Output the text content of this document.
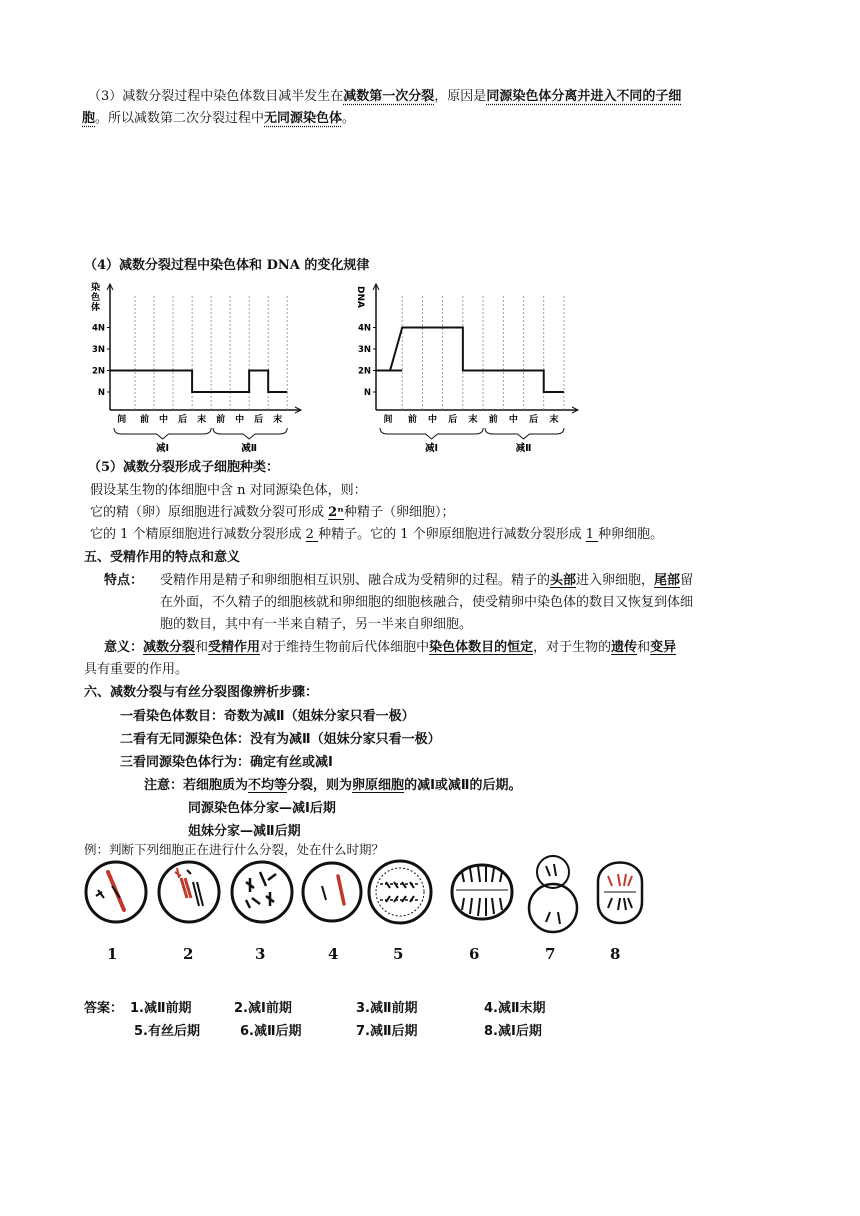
（3）减数分裂过程中染色体数目减半发生在减数第一次分裂，原因是同源染色体分离并进入不同的子细
胞。所以减数第二次分裂过程中无同源染色体。
（4）减数分裂过程中染色体和 DNA 的变化规律
染色体
N
2N
3N
4N
间 前 中 后 末 前 中 后 末
减Ⅰ	减Ⅱ
DNA
N
2N
3N
4N
间 前 中 后 末 前 中 后 末
减Ⅰ	减Ⅱ
（5）减数分裂形成子细胞种类：
假设某生物的体细胞中含 n 对同源染色体，则：
它的精（卵）原细胞进行减数分裂可形成 2ⁿ种精子（卵细胞）；
它的 1 个精原细胞进行减数分裂形成 2 种精子。它的 1 个卵原细胞进行减数分裂形成 1 种卵细胞。
五、受精作用的特点和意义
特点： 受精作用是精子和卵细胞相互识别、融合成为受精卵的过程。精子的头部进入卵细胞，尾部留
在外面，不久精子的细胞核就和卵细胞的细胞核融合，使受精卵中染色体的数目又恢复到体细
胞的数目，其中有一半来自精子，另一半来自卵细胞。
意义：减数分裂和受精作用对于维持生物前后代体细胞中染色体数目的恒定，对于生物的遗传和变异
具有重要的作用。
六、减数分裂与有丝分裂图像辨析步骤：
一看染色体数目：奇数为减Ⅱ（姐妹分家只看一极）
二看有无同源染色体：没有为减Ⅱ（姐妹分家只看一极）
三看同源染色体行为：确定有丝或减Ⅰ
注意：若细胞质为不均等分裂，则为卵原细胞的减Ⅰ或减Ⅱ的后期。
同源染色体分家—减Ⅰ后期
姐妹分家—减Ⅱ后期
例：判断下列细胞正在进行什么分裂，处在什么时期？
1	2	3	4	5	6	7	8
答案： 1.减Ⅱ前期	2.减Ⅰ前期	3.减Ⅱ前期	4.减Ⅱ末期
5.有丝后期	6.减Ⅱ后期	7.减Ⅱ后期	8.减Ⅰ后期
